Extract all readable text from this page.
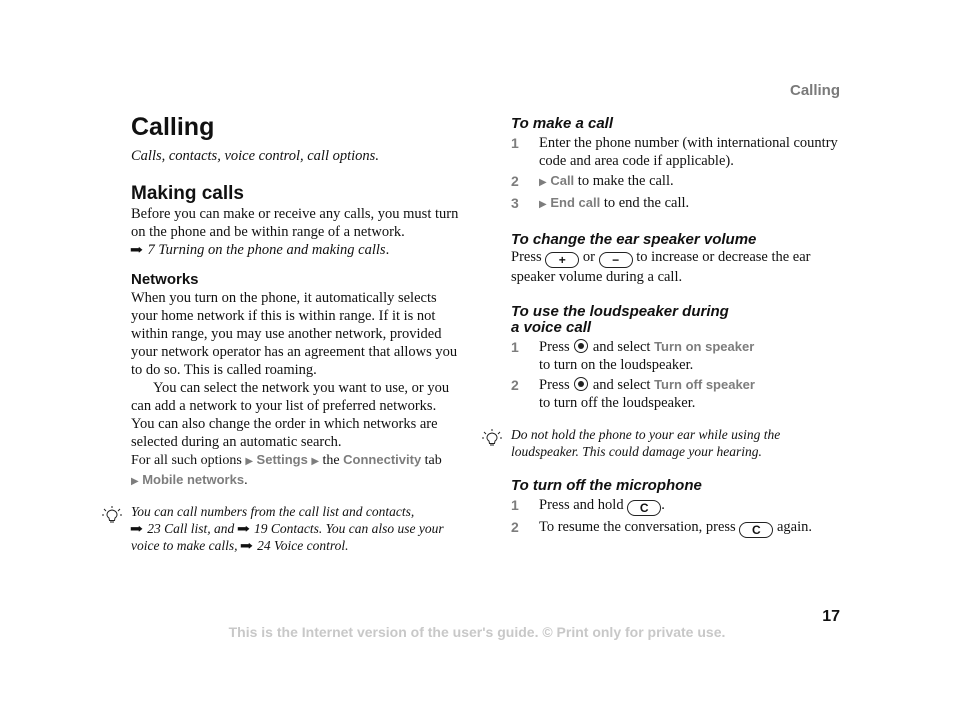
Calling
Calling
Calls, contacts, voice control, call options.
Making calls
Before you can make or receive any calls, you must turn on the phone and be within range of a network.
➡ 7 Turning on the phone and making calls.
Networks
When you turn on the phone, it automatically selects your home network if this is within range. If it is not within range, you may use another network, provided your network operator has an agreement that allows you to do so. This is called roaming.
You can select the network you want to use, or you can add a network to your list of preferred networks. You can also change the order in which networks are selected during an automatic search.
For all such options ▶ Settings ▶ the Connectivity tab
▶ Mobile networks.
You can call numbers from the call list and contacts,
➡ 23 Call list, and ➡ 19 Contacts. You can also use your voice to make calls, ➡ 24 Voice control.
To make a call
1 Enter the phone number (with international country code and area code if applicable).
2 ▶ Call to make the call.
3 ▶ End call to end the call.
To change the ear speaker volume
Press + or − to increase or decrease the ear speaker volume during a call.
To use the loudspeaker during
a voice call
1 Press and select Turn on speaker
to turn on the loudspeaker.
2 Press and select Turn off speaker
to turn off the loudspeaker.
Do not hold the phone to your ear while using the loudspeaker. This could damage your hearing.
To turn off the microphone
1 Press and hold C .
2 To resume the conversation, press C again.
17
This is the Internet version of the user's guide. © Print only for private use.
